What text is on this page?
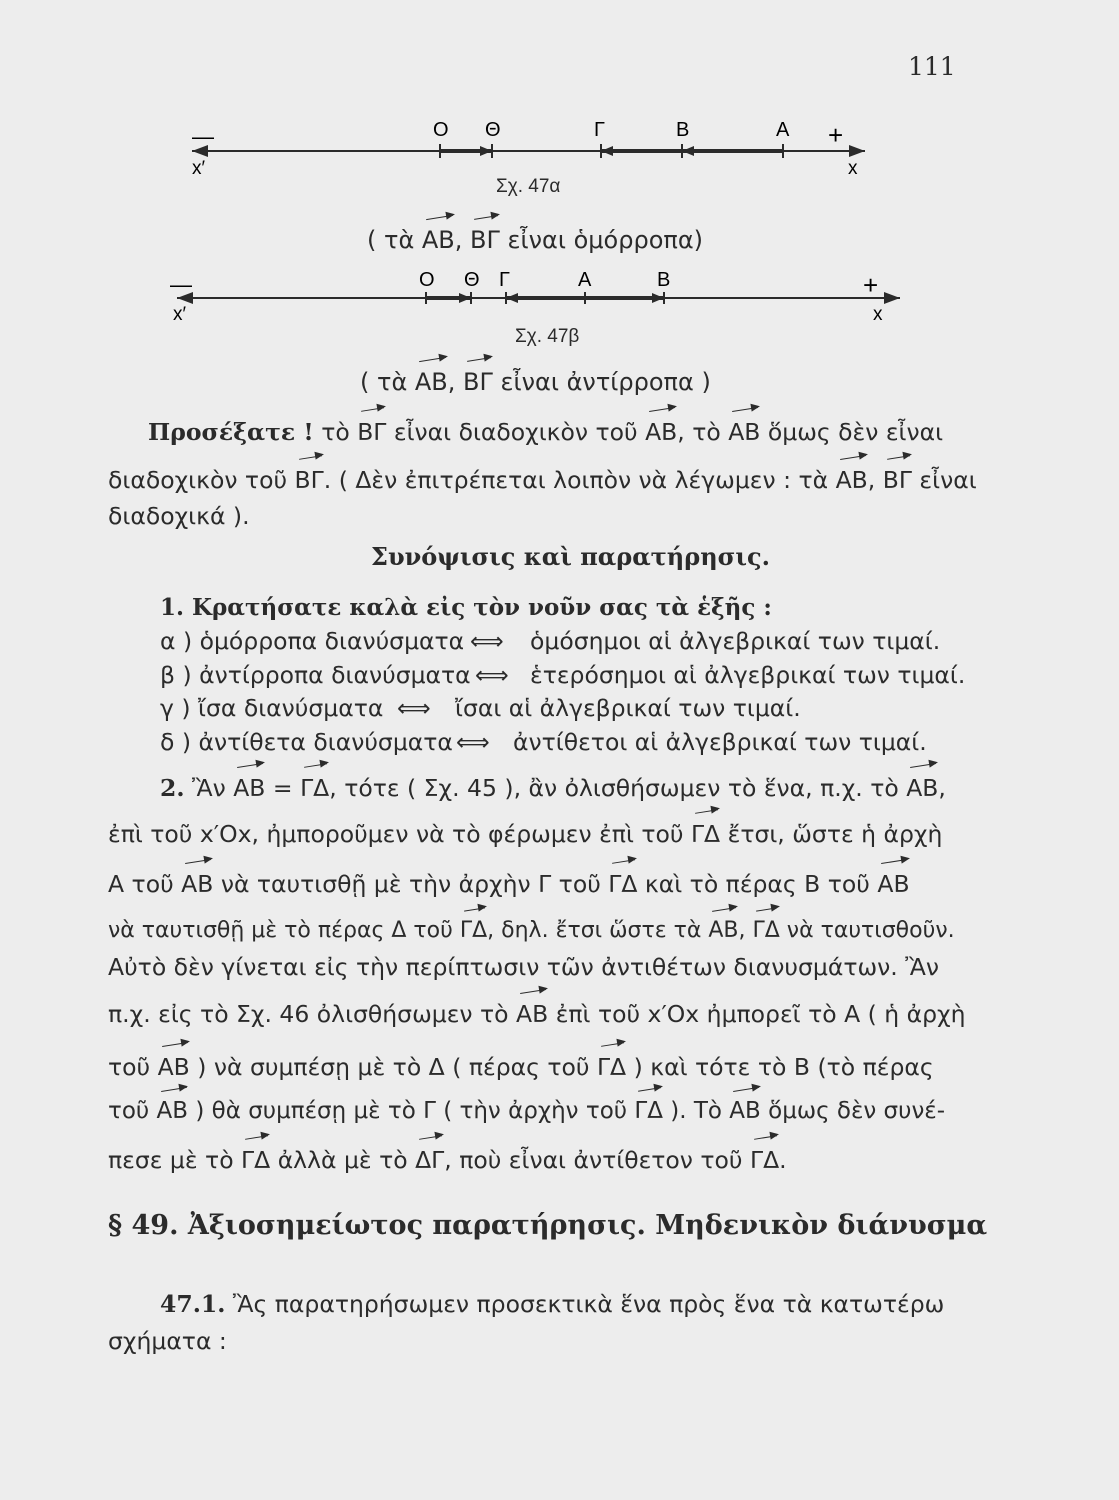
111
—	+
x′	x
Ο Θ	Γ	Β	Α
Σχ. 47α
( τὰ ΑΒ, ΒΓ εἶναι ὁμόρροπα)
—	+
x′	x
Ο Θ Γ	Α	Β
Σχ. 47β
( τὰ ΑΒ, ΒΓ εἶναι ἀντίρροπα )
Προσέξατε ! τὸ ΒΓ εἶναι διαδοχικὸν τοῦ ΑΒ, τὸ ΑΒ ὅμως δὲν εἶναι
διαδοχικὸν τοῦ ΒΓ. ( Δὲν ἐπιτρέπεται λοιπὸν νὰ λέγωμεν : τὰ ΑΒ, ΒΓ εἶναι
διαδοχικά ).
Συνόψισις καὶ παρατήρησις.
1. Κρατήσατε καλὰ εἰς τὸν νοῦν σας τὰ ἑξῆς :
α ) ὁμόρροπα διανύσματα ⟺ ὁμόσημοι αἱ ἀλγεβρικαί των τιμαί.
β ) ἀντίρροπα διανύσματα ⟺ ἑτερόσημοι αἱ ἀλγεβρικαί των τιμαί.
γ ) ἴσα διανύσματα ⟺ ἴσαι αἱ ἀλγεβρικαί των τιμαί.
δ ) ἀντίθετα διανύσματα ⟺ ἀντίθετοι αἱ ἀλγεβρικαί των τιμαί.
2. Ἂν ΑΒ = ΓΔ, τότε ( Σχ. 45 ), ἂν ὀλισθήσωμεν τὸ ἕνα, π.χ. τὸ ΑΒ,
ἐπὶ τοῦ x′Ox, ἠμποροῦμεν νὰ τὸ φέρωμεν ἐπὶ τοῦ ΓΔ ἔτσι, ὥστε ἡ ἀρχὴ
Α τοῦ ΑΒ νὰ ταυτισθῇ μὲ τὴν ἀρχὴν Γ τοῦ ΓΔ καὶ τὸ πέρας Β τοῦ ΑΒ
νὰ ταυτισθῇ μὲ τὸ πέρας Δ τοῦ ΓΔ, δηλ. ἔτσι ὥστε τὰ ΑΒ, ΓΔ νὰ ταυτισθοῦν.
Αὐτὸ δὲν γίνεται εἰς τὴν περίπτωσιν τῶν ἀντιθέτων διανυσμάτων. Ἂν
π.χ. εἰς τὸ Σχ. 46 ὀλισθήσωμεν τὸ ΑΒ ἐπὶ τοῦ x′Ox ἠμπορεῖ τὸ Α ( ἡ ἀρχὴ
τοῦ ΑΒ ) νὰ συμπέσῃ μὲ τὸ Δ ( πέρας τοῦ ΓΔ ) καὶ τότε τὸ Β (τὸ πέρας
τοῦ ΑΒ ) θὰ συμπέσῃ μὲ τὸ Γ ( τὴν ἀρχὴν τοῦ ΓΔ ). Τὸ ΑΒ ὅμως δὲν συνέ-
πεσε μὲ τὸ ΓΔ ἀλλὰ μὲ τὸ ΔΓ, ποὺ εἶναι ἀντίθετον τοῦ ΓΔ.
§ 49. Ἀξιοσημείωτος παρατήρησις. Μηδενικὸν διάνυσμα
47.1. Ἂς παρατηρήσωμεν προσεκτικὰ ἕνα πρὸς ἕνα τὰ κατωτέρω
σχήματα :
